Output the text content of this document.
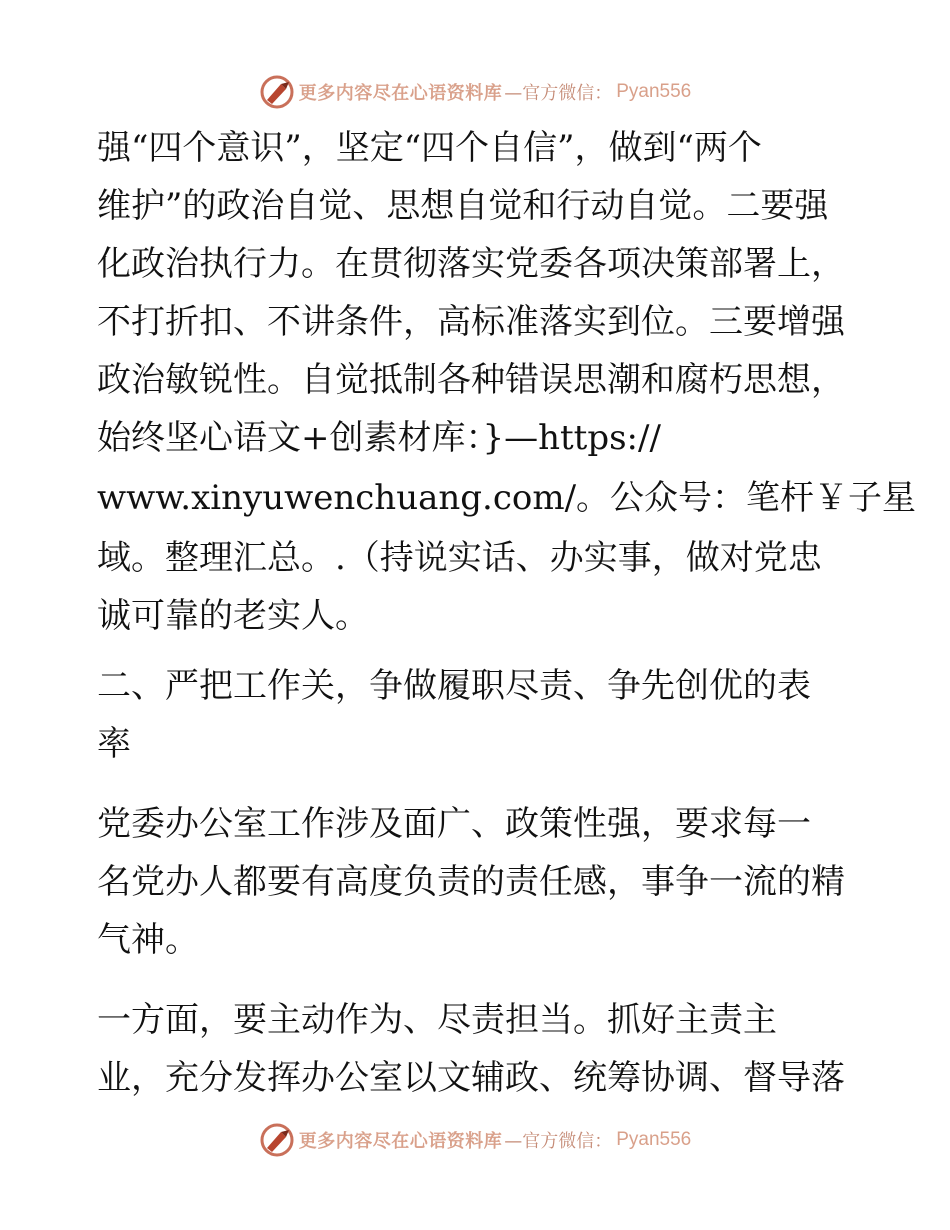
更多内容尽在心语资料库 —官方微信： Pyan556
强“四个意识”，坚定“四个自信”，做到“两个
维护”的政治自觉、思想自觉和行动自觉。二要强
化政治执行力。在贯彻落实党委各项决策部署上，
不打折扣、不讲条件，高标准落实到位。三要增强
政治敏锐性。自觉抵制各种错误思潮和腐朽思想，
始终坚心语文+创素材库：}—https://
www.xinyuwenchuang.com/。公众号：笔杆￥子星
域。整理汇总。.（持说实话、办实事，做对党忠
诚可靠的老实人。
二、严把工作关，争做履职尽责、争先创优的表
率
党委办公室工作涉及面广、政策性强，要求每一
名党办人都要有高度负责的责任感，事争一流的精
气神。
一方面，要主动作为、尽责担当。抓好主责主
业，充分发挥办公室以文辅政、统筹协调、督导落
更多内容尽在心语资料库 —官方微信： Pyan556
